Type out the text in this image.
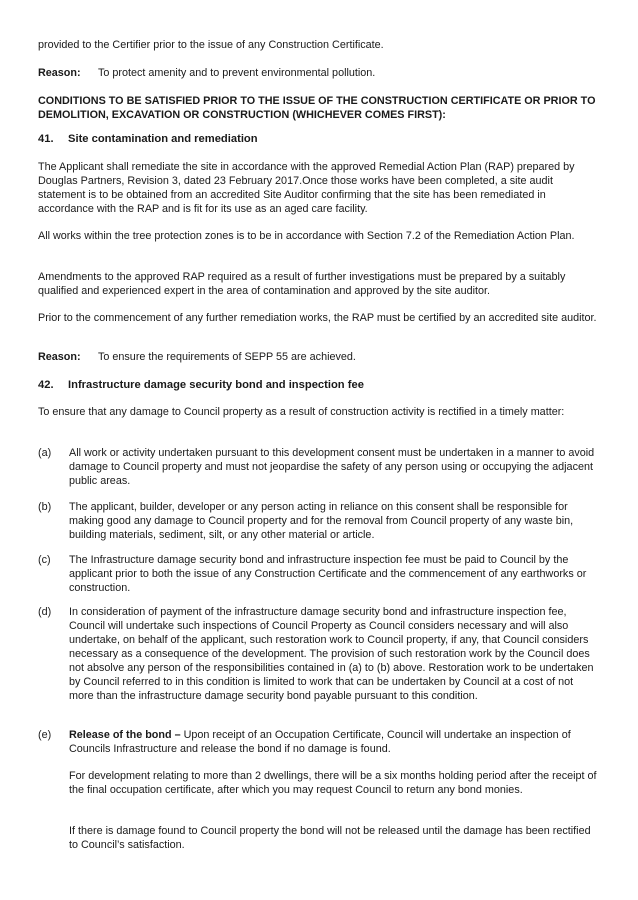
provided to the Certifier prior to the issue of any Construction Certificate.

Reason: To protect amenity and to prevent environmental pollution.

CONDITIONS TO BE SATISFIED PRIOR TO THE ISSUE OF THE CONSTRUCTION CERTIFICATE OR PRIOR TO DEMOLITION, EXCAVATION OR CONSTRUCTION (WHICHEVER COMES FIRST):

41. Site contamination and remediation

The Applicant shall remediate the site in accordance with the approved Remedial Action Plan (RAP) prepared by Douglas Partners, Revision 3, dated 23 February 2017.Once those works have been completed, a site audit statement is to be obtained from an accredited Site Auditor confirming that the site has been remediated in accordance with the RAP and is fit for its use as an aged care facility.

All works within the tree protection zones is to be in accordance with Section 7.2 of the Remediation Action Plan.

Amendments to the approved RAP required as a result of further investigations must be prepared by a suitably qualified and experienced expert in the area of contamination and approved by the site auditor.

Prior to the commencement of any further remediation works, the RAP must be certified by an accredited site auditor.

Reason: To ensure the requirements of SEPP 55 are achieved.

42. Infrastructure damage security bond and inspection fee

To ensure that any damage to Council property as a result of construction activity is rectified in a timely matter:

(a) All work or activity undertaken pursuant to this development consent must be undertaken in a manner to avoid damage to Council property and must not jeopardise the safety of any person using or occupying the adjacent public areas.

(b) The applicant, builder, developer or any person acting in reliance on this consent shall be responsible for making good any damage to Council property and for the removal from Council property of any waste bin, building materials, sediment, silt, or any other material or article.

(c) The Infrastructure damage security bond and infrastructure inspection fee must be paid to Council by the applicant prior to both the issue of any Construction Certificate and the commencement of any earthworks or construction.

(d) In consideration of payment of the infrastructure damage security bond and infrastructure inspection fee, Council will undertake such inspections of Council Property as Council considers necessary and will also undertake, on behalf of the applicant, such restoration work to Council property, if any, that Council considers necessary as a consequence of the development. The provision of such restoration work by the Council does not absolve any person of the responsibilities contained in (a) to (b) above. Restoration work to be undertaken by Council referred to in this condition is limited to work that can be undertaken by Council at a cost of not more than the infrastructure damage security bond payable pursuant to this condition.

(e) Release of the bond – Upon receipt of an Occupation Certificate, Council will undertake an inspection of Councils Infrastructure and release the bond if no damage is found.

For development relating to more than 2 dwellings, there will be a six months holding period after the receipt of the final occupation certificate, after which you may request Council to return any bond monies.

If there is damage found to Council property the bond will not be released until the damage has been rectified to Council’s satisfaction.
